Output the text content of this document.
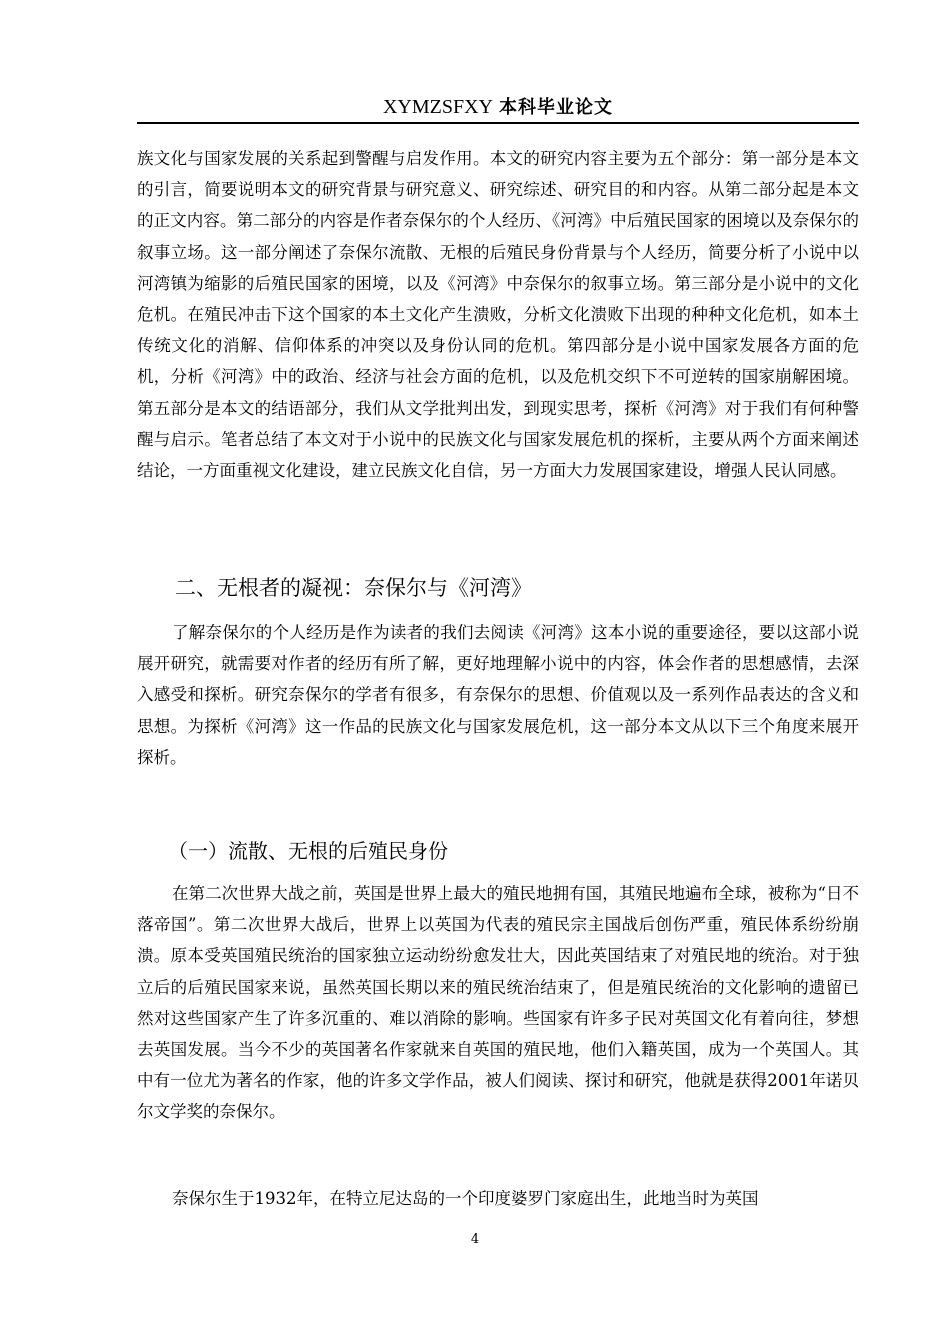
XYMZSFXY 本科毕业论文

族文化与国家发展的关系起到警醒与启发作用。本文的研究内容主要为五个部分：第一部分是本文的引言，简要说明本文的研究背景与研究意义、研究综述、研究目的和内容。从第二部分起是本文的正文内容。第二部分的内容是作者奈保尔的个人经历、《河湾》中后殖民国家的困境以及奈保尔的叙事立场。这一部分阐述了奈保尔流散、无根的后殖民身份背景与个人经历，简要分析了小说中以河湾镇为缩影的后殖民国家的困境，以及《河湾》中奈保尔的叙事立场。第三部分是小说中的文化危机。在殖民冲击下这个国家的本土文化产生溃败，分析文化溃败下出现的种种文化危机，如本土传统文化的消解、信仰体系的冲突以及身份认同的危机。第四部分是小说中国家发展各方面的危机，分析《河湾》中的政治、经济与社会方面的危机，以及危机交织下不可逆转的国家崩解困境。第五部分是本文的结语部分，我们从文学批判出发，到现实思考，探析《河湾》对于我们有何种警醒与启示。笔者总结了本文对于小说中的民族文化与国家发展危机的探析，主要从两个方面来阐述结论，一方面重视文化建设，建立民族文化自信，另一方面大力发展国家建设，增强人民认同感。

二、无根者的凝视：奈保尔与《河湾》

了解奈保尔的个人经历是作为读者的我们去阅读《河湾》这本小说的重要途径，要以这部小说展开研究，就需要对作者的经历有所了解，更好地理解小说中的内容，体会作者的思想感情，去深入感受和探析。研究奈保尔的学者有很多，有奈保尔的思想、价值观以及一系列作品表达的含义和思想。为探析《河湾》这一作品的民族文化与国家发展危机，这一部分本文从以下三个角度来展开探析。

（一）流散、无根的后殖民身份

在第二次世界大战之前，英国是世界上最大的殖民地拥有国，其殖民地遍布全球，被称为“日不落帝国”。第二次世界大战后，世界上以英国为代表的殖民宗主国战后创伤严重，殖民体系纷纷崩溃。原本受英国殖民统治的国家独立运动纷纷愈发壮大，因此英国结束了对殖民地的统治。对于独立后的后殖民国家来说，虽然英国长期以来的殖民统治结束了，但是殖民统治的文化影响的遗留已然对这些国家产生了许多沉重的、难以消除的影响。些国家有许多子民对英国文化有着向往，梦想去英国发展。当今不少的英国著名作家就来自英国的殖民地，他们入籍英国，成为一个英国人。其中有一位尤为著名的作家，他的许多文学作品，被人们阅读、探讨和研究，他就是获得2001年诺贝尔文学奖的奈保尔。

奈保尔生于1932年，在特立尼达岛的一个印度婆罗门家庭出生，此地当时为英国

4
